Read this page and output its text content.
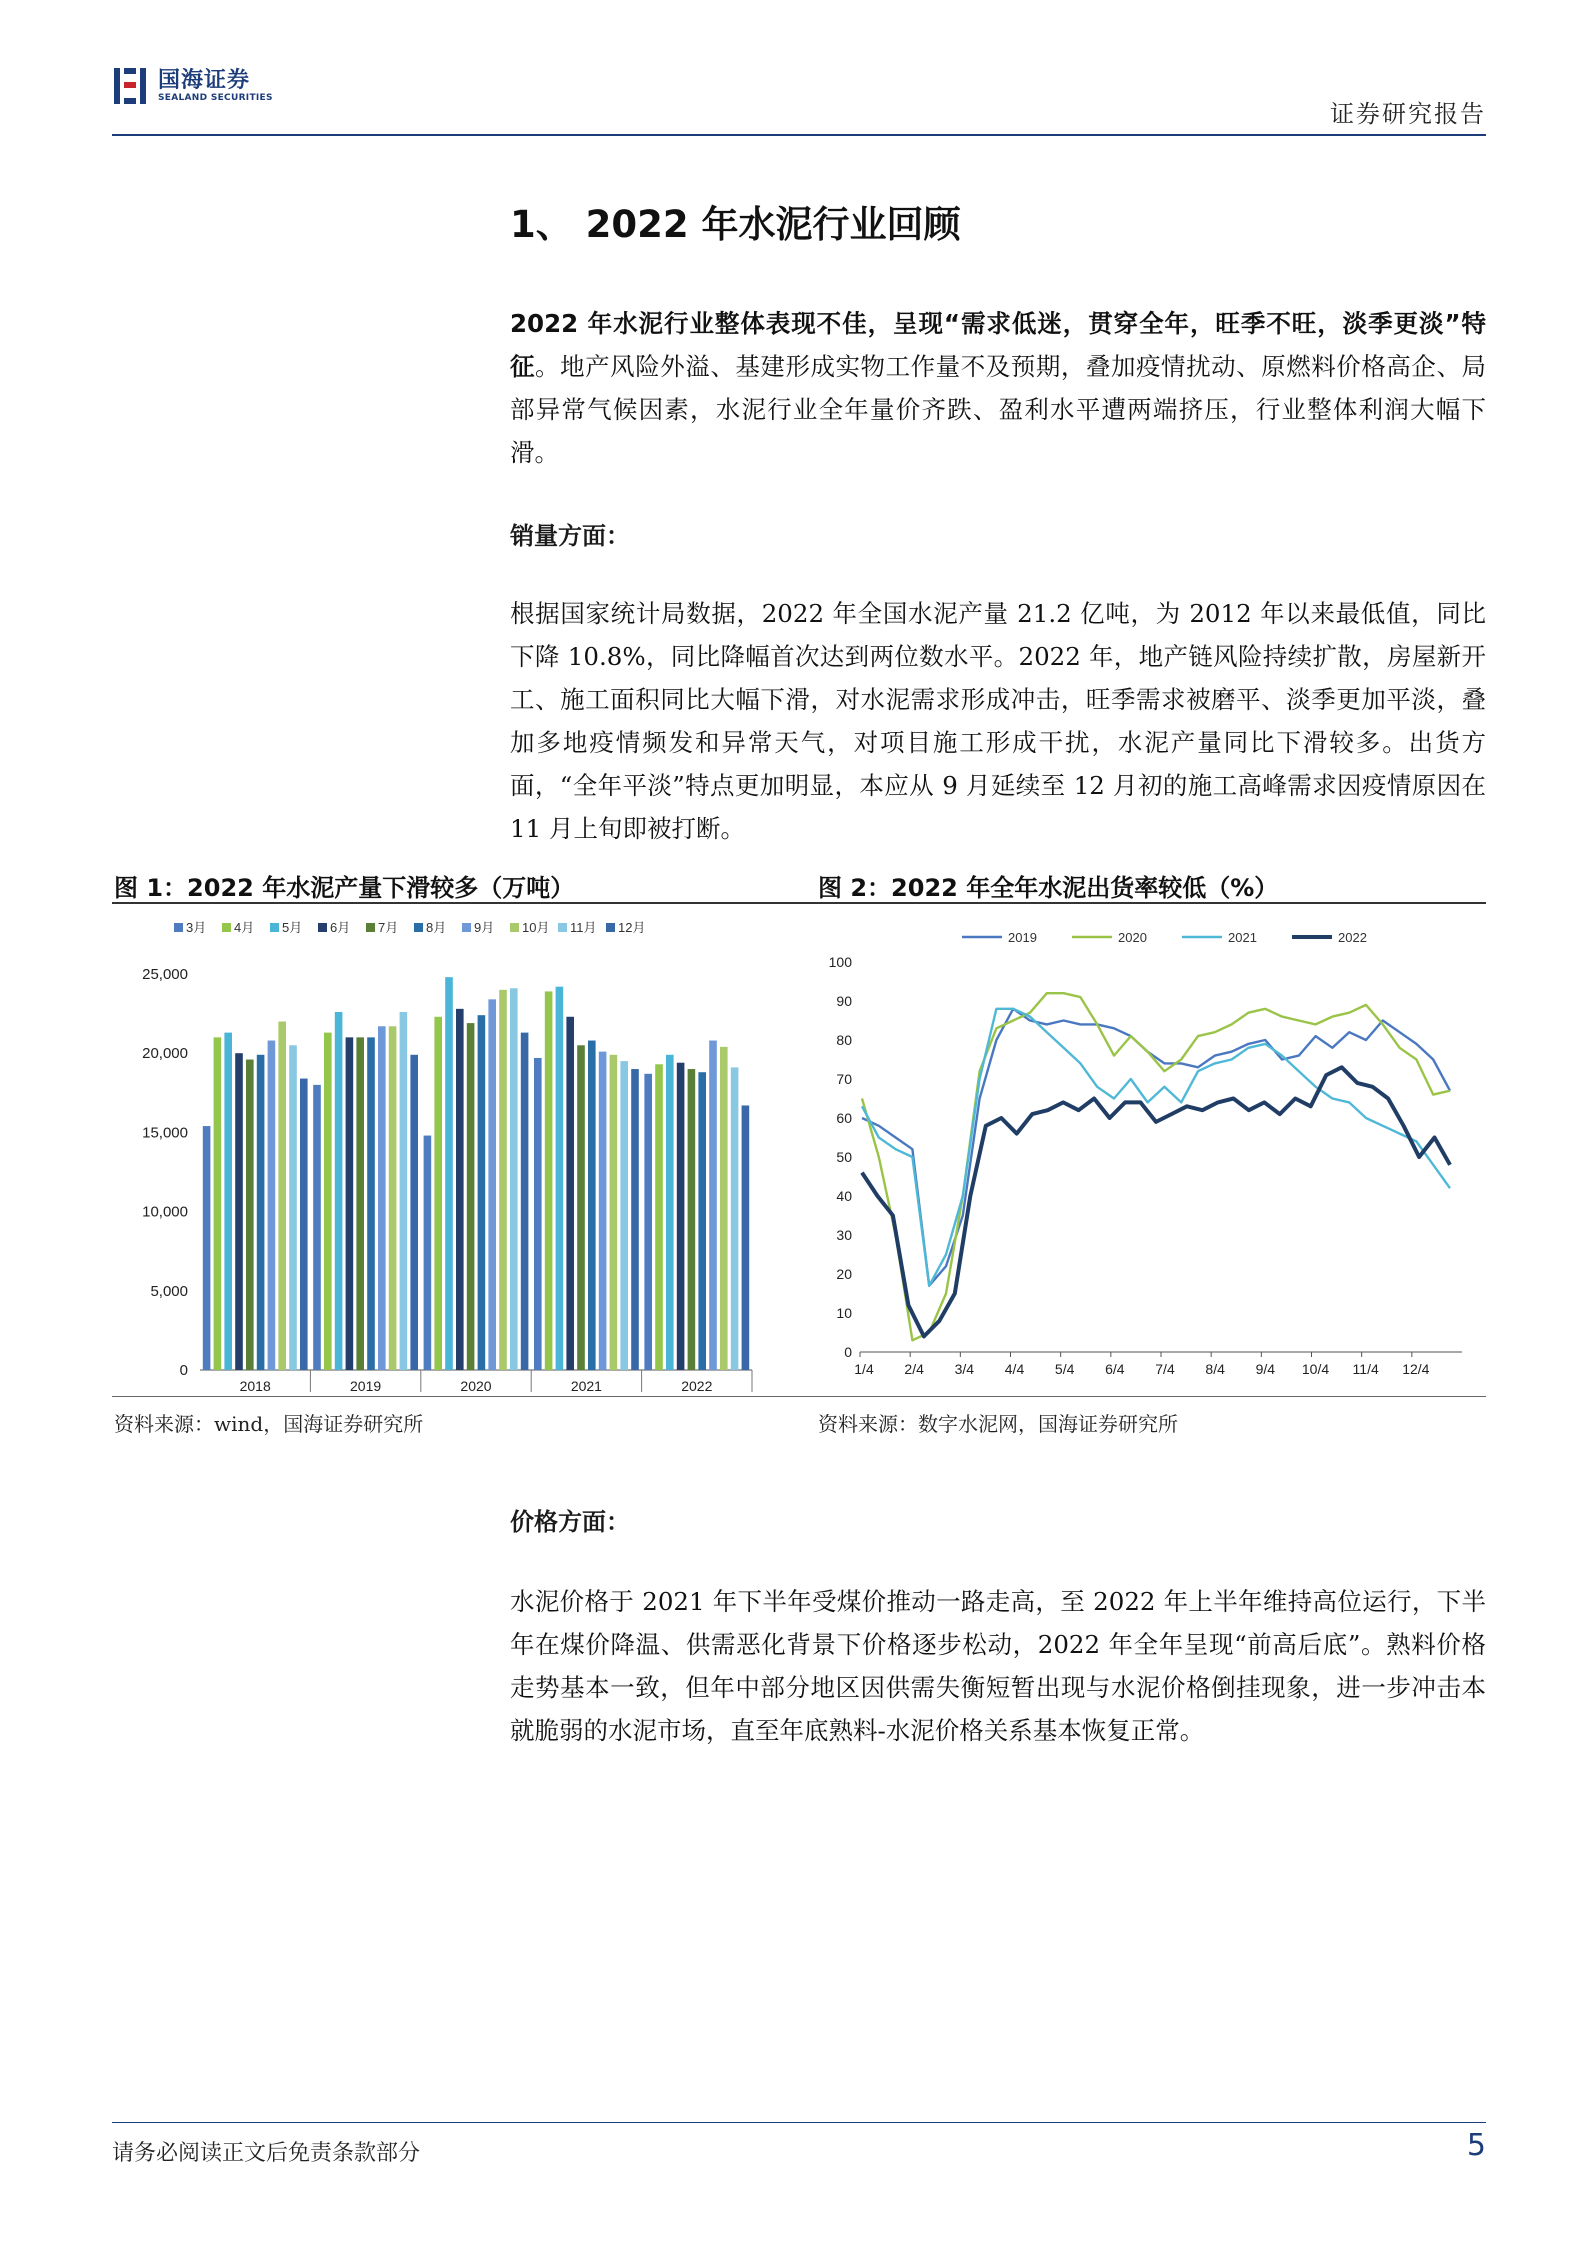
国海证券
SEALAND SECURITIES
证券研究报告
1、 2022 年水泥行业回顾
2022 年水泥行业整体表现不佳，呈现“需求低迷，贯穿全年，旺季不旺，淡季更淡”特征。地产风险外溢、基建形成实物工作量不及预期，叠加疫情扰动、原燃料价格高企、局部异常气候因素，水泥行业全年量价齐跌、盈利水平遭两端挤压，行业整体利润大幅下滑。
销量方面：
根据国家统计局数据，2022 年全国水泥产量 21.2 亿吨，为 2012 年以来最低值，同比下降 10.8%，同比降幅首次达到两位数水平。2022 年，地产链风险持续扩散，房屋新开工、施工面积同比大幅下滑，对水泥需求形成冲击，旺季需求被磨平、淡季更加平淡，叠加多地疫情频发和异常天气，对项目施工形成干扰，水泥产量同比下滑较多。出货方面，“全年平淡”特点更加明显，本应从 9 月延续至 12 月初的施工高峰需求因疫情原因在 11 月上旬即被打断。
图 1：2022 年水泥产量下滑较多（万吨）	图 2：2022 年全年水泥出货率较低（%）
3月 4月 5月 6月 7月 8月 9月 10月 11月 12月
25,000
20,000
15,000
10,000
5,000
0
2018	2019	2020	2021	2022
2019	2020	2021	2022
100
90
80
70
60
50
40
30
20
10
0
1/4 2/4 3/4 4/4 5/4 6/4 7/4 8/4 9/4 10/4 11/4 12/4
资料来源：wind，国海证券研究所	资料来源：数字水泥网，国海证券研究所
价格方面：
水泥价格于 2021 年下半年受煤价推动一路走高，至 2022 年上半年维持高位运行，下半年在煤价降温、供需恶化背景下价格逐步松动，2022 年全年呈现“前高后底”。熟料价格走势基本一致，但年中部分地区因供需失衡短暂出现与水泥价格倒挂现象，进一步冲击本就脆弱的水泥市场，直至年底熟料-水泥价格关系基本恢复正常。
请务必阅读正文后免责条款部分	5
